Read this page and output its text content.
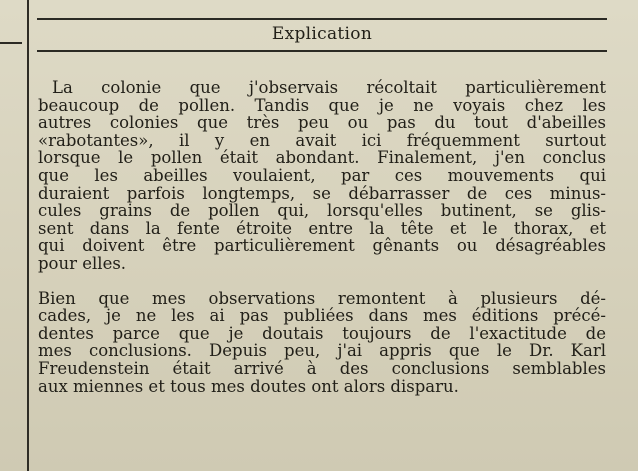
Explication
La colonie que j'observais récoltait particulièrement
beaucoup de pollen. Tandis que je ne voyais chez les
autres colonies que très peu ou pas du tout d'abeilles
«rabotantes», il y en avait ici fréquemment surtout
lorsque le pollen était abondant. Finalement, j'en conclus
que les abeilles voulaient, par ces mouvements qui
duraient parfois longtemps, se débarrasser de ces minus-
cules grains de pollen qui, lorsqu'elles butinent, se glis-
sent dans la fente étroite entre la tête et le thorax, et
qui doivent être particulièrement gênants ou désagréables
pour elles.
Bien que mes observations remontent à plusieurs dé-
cades, je ne les ai pas publiées dans mes éditions précé-
dentes parce que je doutais toujours de l'exactitude de
mes conclusions. Depuis peu, j'ai appris que le Dr. Karl
Freudenstein était arrivé à des conclusions semblables
aux miennes et tous mes doutes ont alors disparu.
